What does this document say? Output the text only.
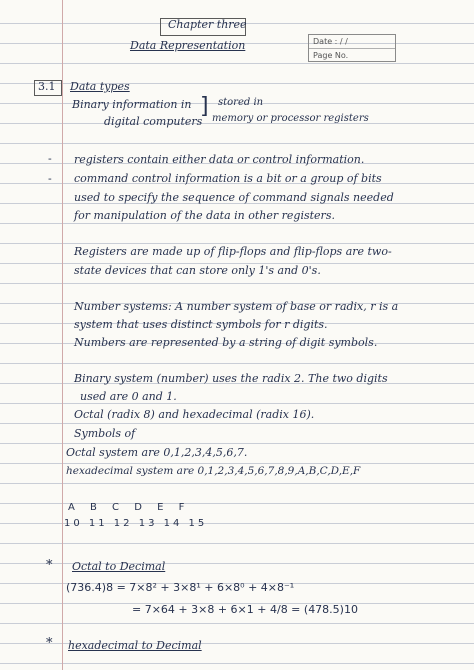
Chapter three
Data Representation	Date : / /
Page No.
3.1 Data types
Binary information in
digital computers
] stored in
memory or processor registers
-
-
registers contain either data or control information.
command control information is a bit or a group of bits
used to specify the sequence of command signals needed
for manipulation of the data in other registers.
Registers are made up of flip-flops and flip-flops are two-
state devices that can store only 1's and 0's.
Number systems: A number system of base or radix, r is a
system that uses distinct symbols for r digits.
Numbers are represented by a string of digit symbols.
Binary system (number) uses the radix 2. The two digits
used are 0 and 1.
Octal (radix 8) and hexadecimal (radix 16).
Symbols of
Octal system are 0,1,2,3,4,5,6,7.
hexadecimal system are 0,1,2,3,4,5,6,7,8,9,A,B,C,D,E,F
A B C D E F
10 11 12 13 14 15
* Octal to Decimal
(736.4)8 = 7×8² + 3×8¹ + 6×8⁰ + 4×8⁻¹
= 7×64 + 3×8 + 6×1 + 4/8 = (478.5)10
* hexadecimal to Decimal
